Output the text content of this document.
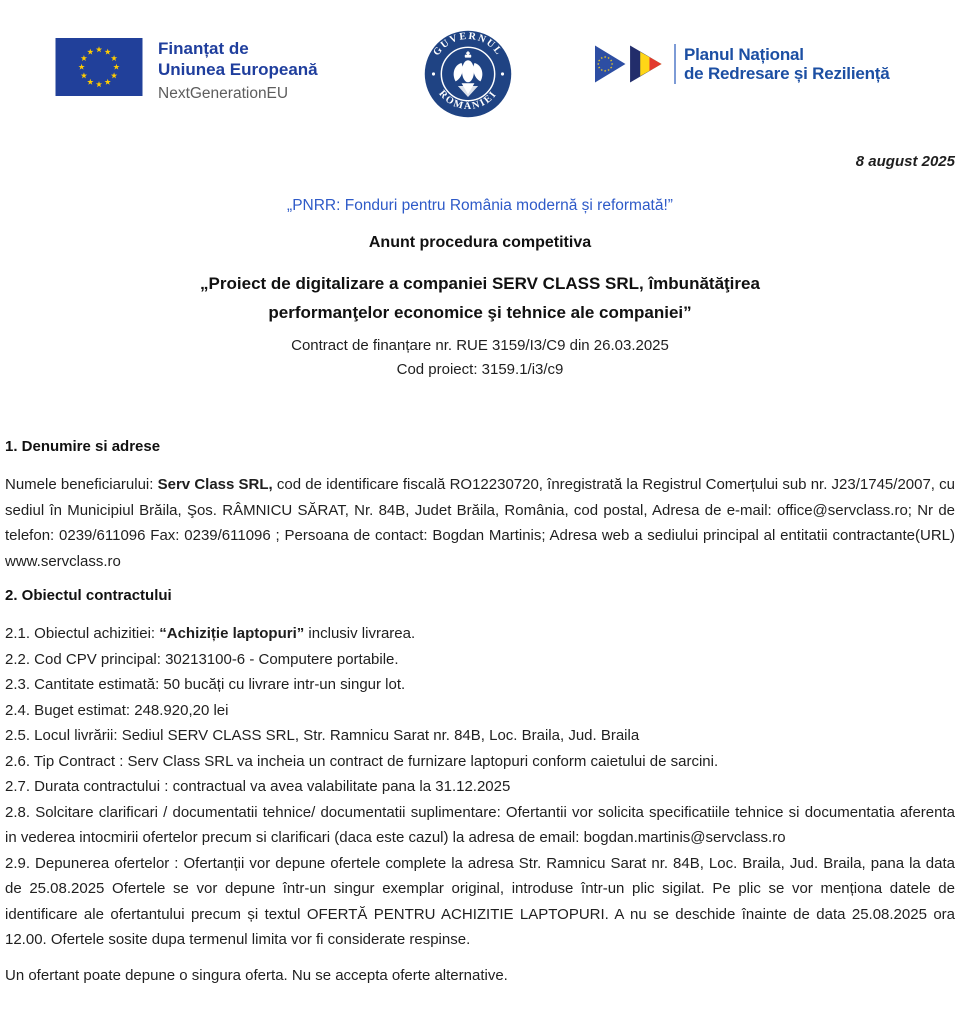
Finanțat de
Uniunea Europeană
NextGenerationEU
GUVERNUL
ROMÂNIEI
Planul Național
de Redresare și Reziliență
8 august 2025
„PNRR: Fonduri pentru România modernă și reformată!”
Anunt procedura competitiva
„Proiect de digitalizare a companiei SERV CLASS SRL, îmbunătăţirea
performanţelor economice şi tehnice ale companiei”
Contract de finanțare nr. RUE 3159/I3/C9 din 26.03.2025
Cod proiect: 3159.1/i3/c9
1. Denumire si adrese

Numele beneficiarului: Serv Class SRL, cod de identificare fiscală RO12230720, înregistrată la Registrul Comerțului sub nr. J23/1745/2007, cu sediul în Municipiul Brăila, Şos. RÂMNICU SĂRAT, Nr. 84B, Judet Brăila, România, cod postal, Adresa de e-mail: office@servclass.ro; Nr de telefon: 0239/611096 Fax: 0239/611096 ; Persoana de contact: Bogdan Martinis; Adresa web a sediului principal al entitatii contractante(URL) www.servclass.ro

2. Obiectul contractului

2.1. Obiectul achizitiei: “Achiziție laptopuri” inclusiv livrarea.

2.2. Cod CPV principal: 30213100-6 - Computere portabile.

2.3. Cantitate estimată: 50 bucăți cu livrare intr-un singur lot.

2.4. Buget estimat: 248.920,20 lei

2.5. Locul livrării: Sediul SERV CLASS SRL, Str. Ramnicu Sarat nr. 84B, Loc. Braila, Jud. Braila

2.6. Tip Contract : Serv Class SRL va incheia un contract de furnizare laptopuri conform caietului de sarcini.

2.7. Durata contractului : contractual va avea valabilitate pana la 31.12.2025

2.8. Solcitare clarificari / documentatii tehnice/ documentatii suplimentare: Ofertantii vor solicita specificatiile tehnice si documentatia aferenta in vederea intocmirii ofertelor precum si clarificari (daca este cazul) la adresa de email: bogdan.martinis@servclass.ro

2.9. Depunerea ofertelor : Ofertanții vor depune ofertele complete la adresa Str. Ramnicu Sarat nr. 84B, Loc. Braila, Jud. Braila, pana la data de 25.08.2025 Ofertele se vor depune într-un singur exemplar original, introduse într-un plic sigilat. Pe plic se vor menționa datele de identificare ale ofertantului precum și textul OFERTĂ PENTRU ACHIZITIE LAPTOPURI. A nu se deschide înainte de data 25.08.2025 ora 12.00. Ofertele sosite dupa termenul limita vor fi considerate respinse.

Un ofertant poate depune o singura oferta. Nu se accepta oferte alternative.
